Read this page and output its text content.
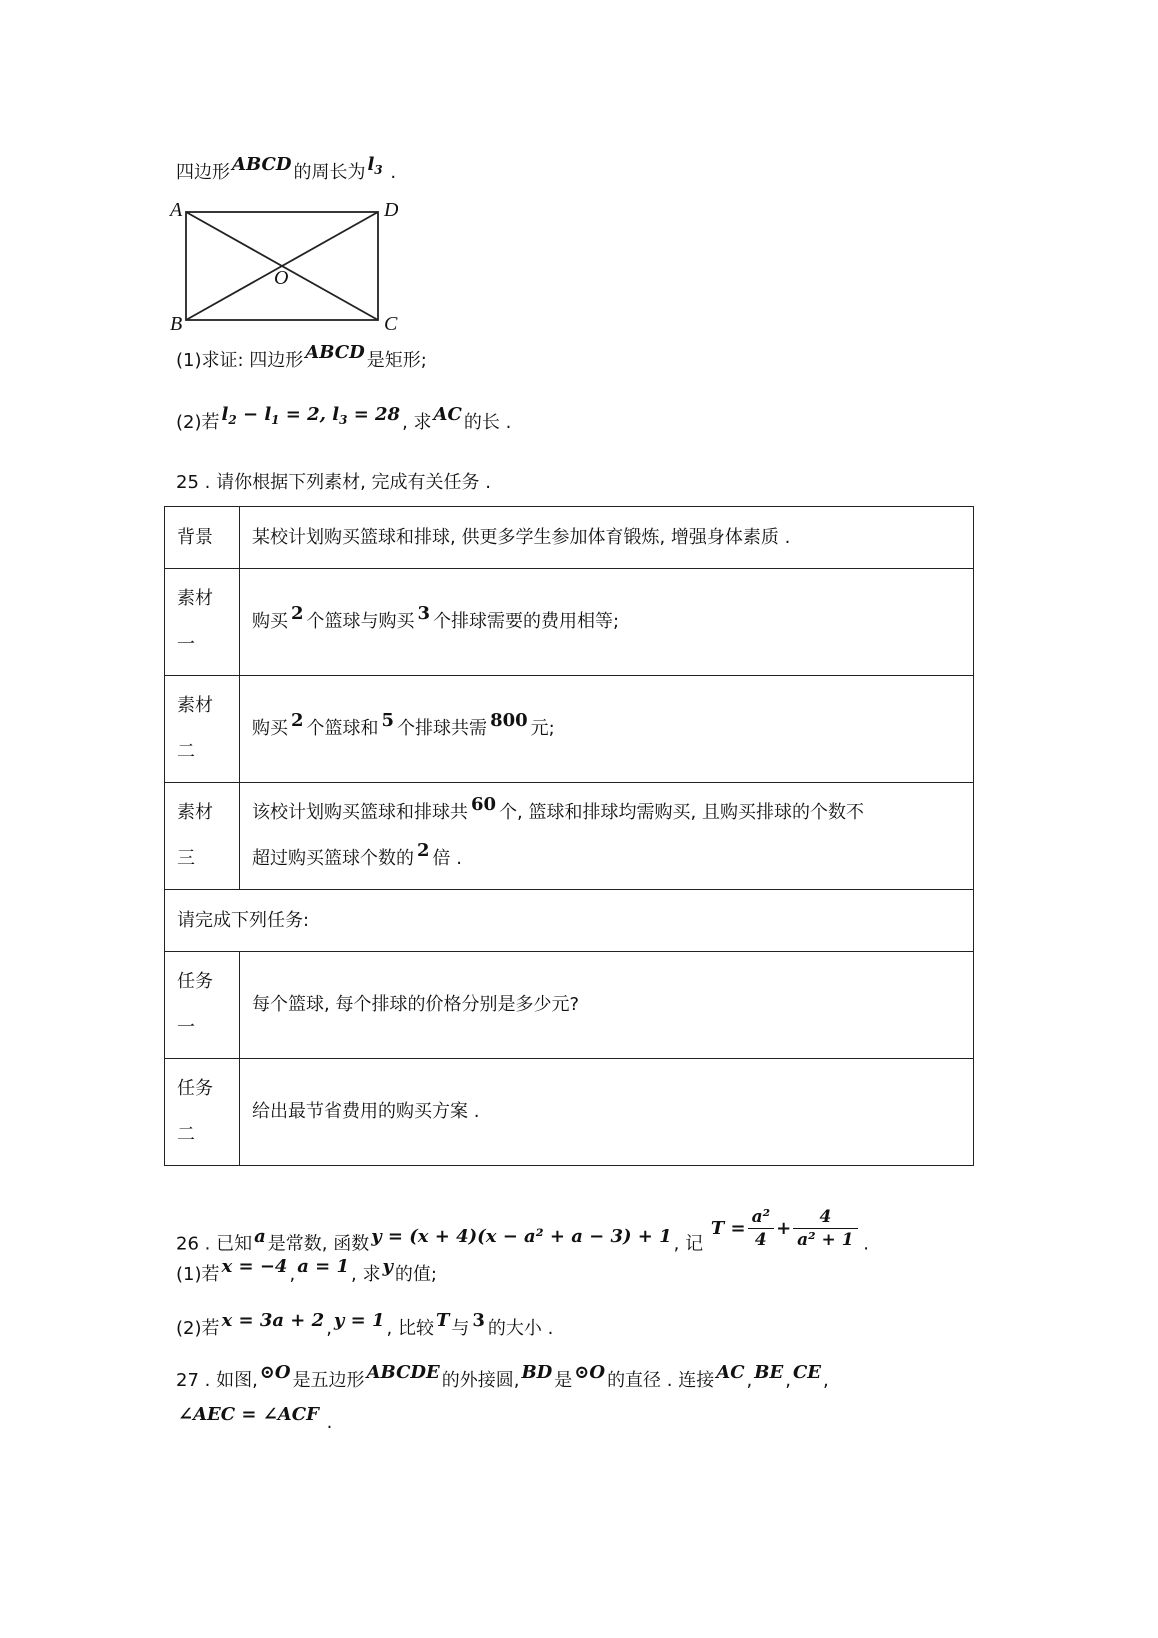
四边形 ABCD 的周长为 $l_3$ .
A	D
B	C
O
(1)求证: 四边形 ABCD 是矩形;
(2)若 $l_2 - l_1 = 2$, $l_3 = 28$ , 求 AC 的长 .
25 . 请你根据下列素材, 完成有关任务 .
背景	某校计划购买篮球和排球, 供更多学生参加体育锻炼, 增强身体素质 .
素材一	购买 2 个篮球与购买 3 个排球需要的费用相等;
素材二	购买 2 个篮球和 5 个排球共需 800 元;
素材三	该校计划购买篮球和排球共 60 个, 篮球和排球均需购买, 且购买排球的个数不
超过购买篮球个数的 2 倍 .
请完成下列任务:	
任务一	每个篮球, 每个排球的价格分别是多少元?
任务二	给出最节省费用的购买方案 .
26 . 已知 a 是常数, 函数 y = (x + 4)(x − a² + a − 3) + 1 , 记 $T = \frac{\text{a²}}{4} + \frac{4}{\text{a² + 1}}$ .
(1)若 x = −4 , a = 1 , 求 y 的值;
(2)若 x = 3a + 2 , y = 1 , 比较 T 与 3 的大小 .
27 . 如图, ⊙O 是五边形 ABCDE 的外接圆, BD 是 ⊙O 的直径 . 连接 AC , BE , CE ,
∠AEC = ∠ACF .
